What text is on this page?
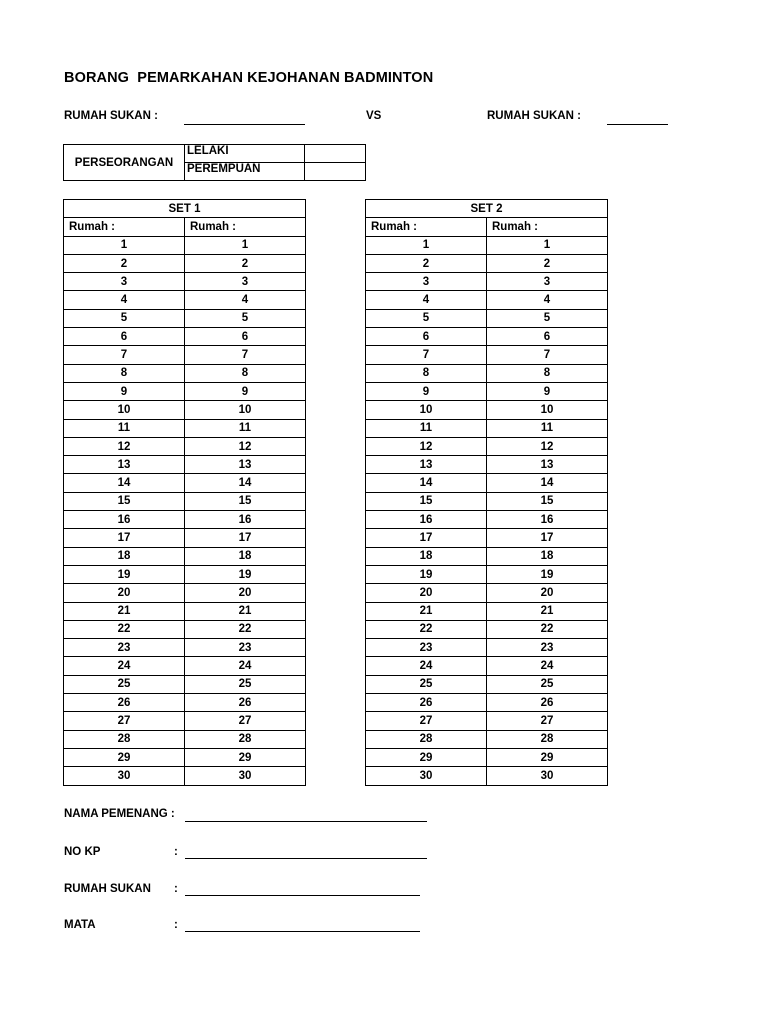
BORANG  PEMARKAHAN KEJOHANAN BADMINTON
RUMAH SUKAN :	VS	RUMAH SUKAN :
PERSEORANGAN	LELAKI	
	PEREMPUAN	
SET 1	
Rumah :	Rumah :
1	1
2	2
3	3
4	4
5	5
6	6
7	7
8	8
9	9
10	10
11	11
12	12
13	13
14	14
15	15
16	16
17	17
18	18
19	19
20	20
21	21
22	22
23	23
24	24
25	25
26	26
27	27
28	28
29	29
30	30
SET 2	
Rumah :	Rumah :
1	1
2	2
3	3
4	4
5	5
6	6
7	7
8	8
9	9
10	10
11	11
12	12
13	13
14	14
15	15
16	16
17	17
18	18
19	19
20	20
21	21
22	22
23	23
24	24
25	25
26	26
27	27
28	28
29	29
30	30
NAMA PEMENANG :
NO KP	:
RUMAH SUKAN :
MATA	:
